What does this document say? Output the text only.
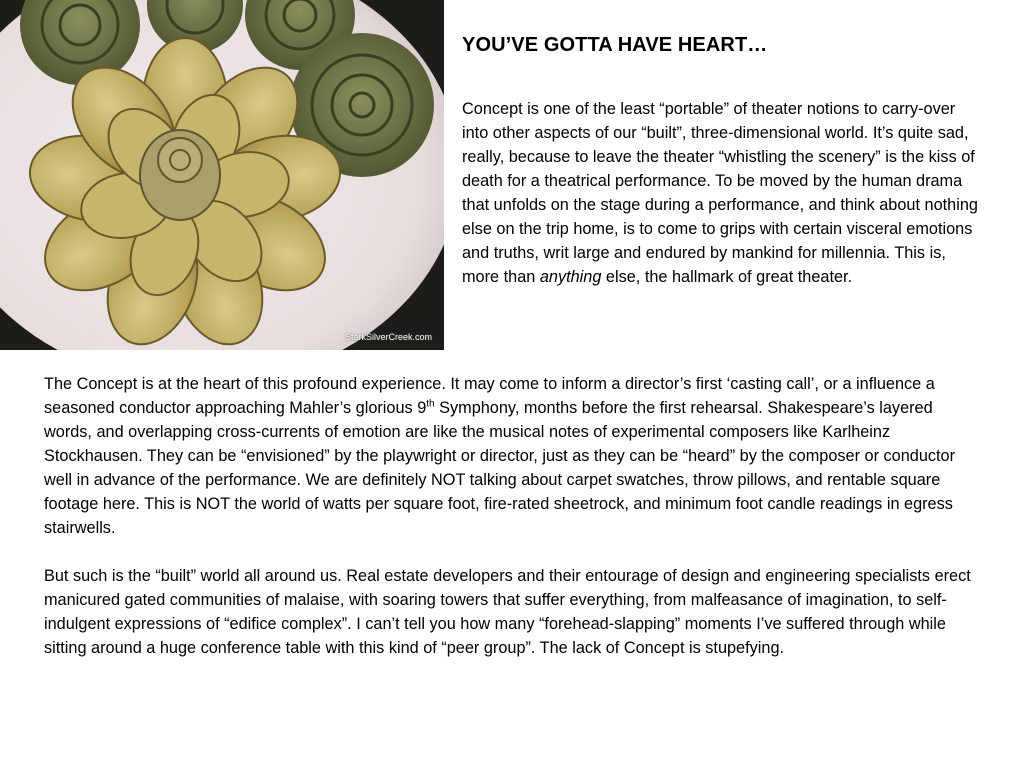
StarkSilverCreek.com
YOU’VE GOTTA HAVE HEART…
Concept is one of the least “portable” of theater notions to carry-over into other aspects of our “built”, three-dimensional world. It’s quite sad, really, because to leave the theater “whistling the scenery” is the kiss of death for a theatrical performance. To be moved by the human drama that unfolds on the stage during a performance, and think about nothing else on the trip home, is to come to grips with certain visceral emotions and truths, writ large and endured by mankind for millennia. This is, more than anything else, the hallmark of great theater.

The Concept is at the heart of this profound experience. It may come to inform a director’s first ‘casting call’, or a influence a seasoned conductor approaching Mahler’s glorious 9th Symphony, months before the first rehearsal. Shakespeare’s layered words, and overlapping cross-currents of emotion are like the musical notes of experimental composers like Karlheinz Stockhausen. They can be “envisioned” by the playwright or director, just as they can be “heard” by the composer or conductor well in advance of the performance. We are definitely NOT talking about carpet swatches, throw pillows, and rentable square footage here. This is NOT the world of watts per square foot, fire-rated sheetrock, and minimum foot candle readings in egress stairwells.

But such is the “built” world all around us. Real estate developers and their entourage of design and engineering specialists erect manicured gated communities of malaise, with soaring towers that suffer everything, from malfeasance of imagination, to self-indulgent expressions of “edifice complex”. I can’t tell you how many “forehead-slapping” moments I’ve suffered through while sitting around a huge conference table with this kind of “peer group”. The lack of Concept is stupefying.
